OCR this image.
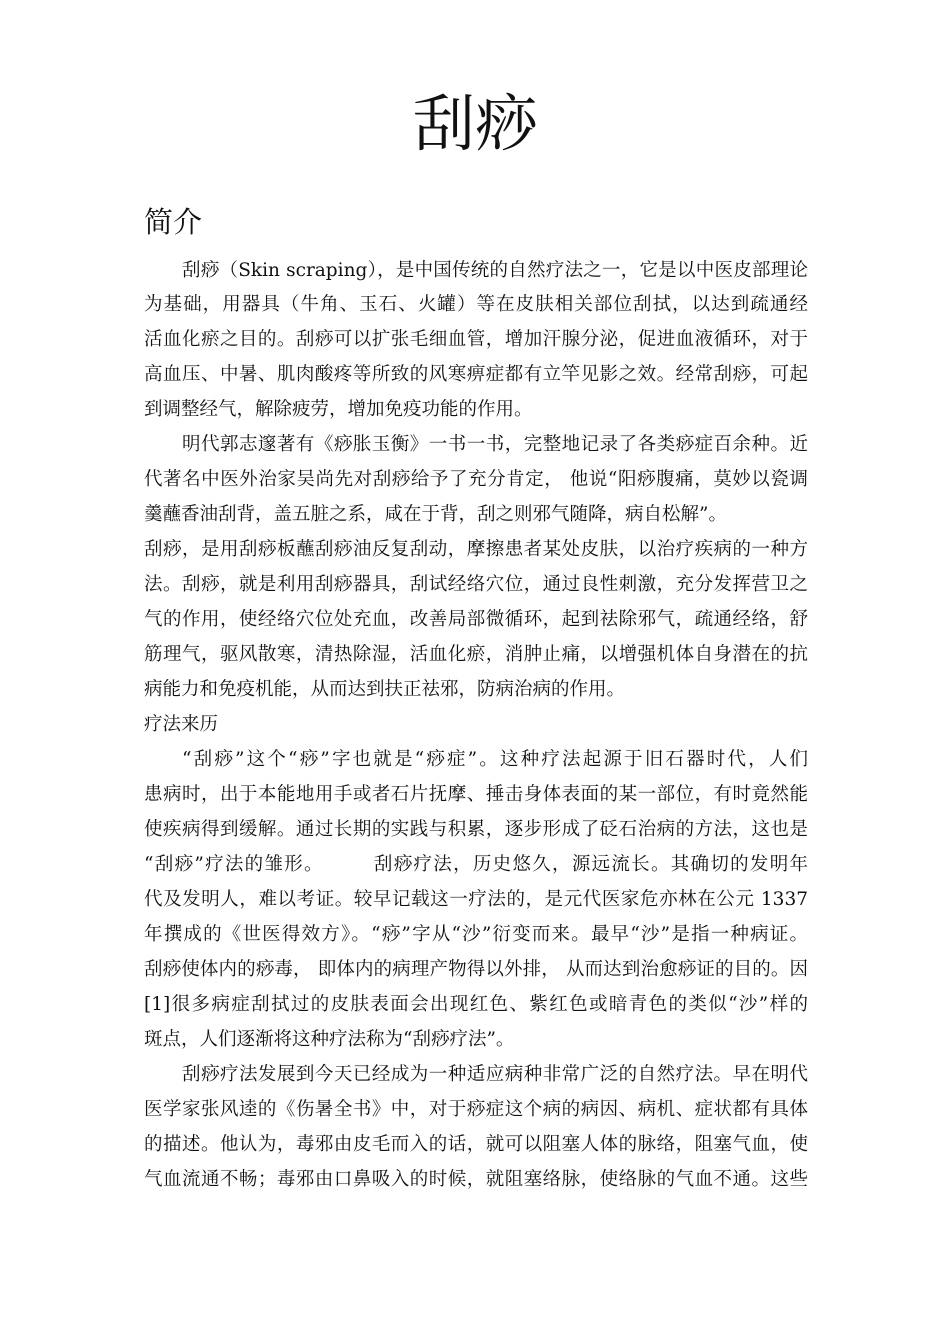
刮痧
简介

刮痧（Skin scraping），是中国传统的自然疗法之一，它是以中医皮部理论

为基础，用器具（牛角、玉石、火罐）等在皮肤相关部位刮拭，以达到疏通经

活血化瘀之目的。刮痧可以扩张毛细血管，增加汗腺分泌，促进血液循环，对于

高血压、中暑、肌肉酸疼等所致的风寒痹症都有立竿见影之效。经常刮痧，可起

到调整经气，解除疲劳，增加免疫功能的作用。

明代郭志邃著有《痧胀玉衡》一书一书，完整地记录了各类痧症百余种。近

代著名中医外治家吴尚先对刮痧给予了充分肯定， 他说“阳痧腹痛，莫妙以瓷调

羹蘸香油刮背，盖五脏之系，咸在于背，刮之则邪气随降，病自松解”。

刮痧，是用刮痧板蘸刮痧油反复刮动，摩擦患者某处皮肤，以治疗疾病的一种方

法。刮痧，就是利用刮痧器具，刮试经络穴位，通过良性刺激，充分发挥营卫之

气的作用，使经络穴位处充血，改善局部微循环，起到祛除邪气，疏通经络，舒

筋理气，驱风散寒，清热除湿，活血化瘀，消肿止痛，以增强机体自身潜在的抗

病能力和免疫机能，从而达到扶正祛邪，防病治病的作用。

疗法来历

“刮痧”这个“痧”字也就是“痧症”。这种疗法起源于旧石器时代，人们

患病时，出于本能地用手或者石片抚摩、捶击身体表面的某一部位，有时竟然能

使疾病得到缓解。通过长期的实践与积累，逐步形成了砭石治病的方法，这也是

“刮痧”疗法的雏形。　　　刮痧疗法，历史悠久，源远流长。其确切的发明年

代及发明人，难以考证。较早记载这一疗法的，是元代医家危亦林在公元 1337

年撰成的《世医得效方》。“痧”字从“沙”衍变而来。最早“沙”是指一种病证。

刮痧使体内的痧毒， 即体内的病理产物得以外排， 从而达到治愈痧证的目的。因

[1]很多病症刮拭过的皮肤表面会出现红色、紫红色或暗青色的类似“沙”样的

斑点，人们逐渐将这种疗法称为“刮痧疗法”。

刮痧疗法发展到今天已经成为一种适应病种非常广泛的自然疗法。早在明代

医学家张风逵的《伤暑全书》中，对于痧症这个病的病因、病机、症状都有具体

的描述。他认为，毒邪由皮毛而入的话，就可以阻塞人体的脉络，阻塞气血，使

气血流通不畅；毒邪由口鼻吸入的时候，就阻塞络脉，使络脉的气血不通。这些
